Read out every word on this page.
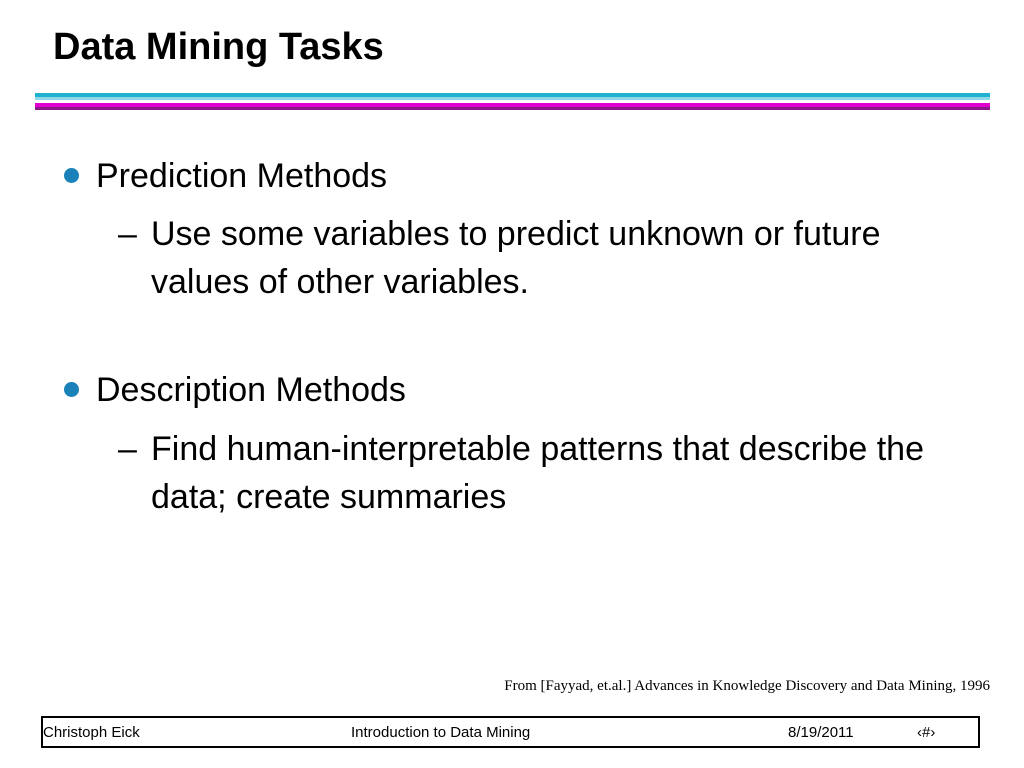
Data Mining Tasks
Prediction Methods
– Use some variables to predict unknown or future values of other variables.
Description Methods
– Find human-interpretable patterns that describe the data; create summaries
From [Fayyad, et.al.] Advances in Knowledge Discovery and Data Mining, 1996
Christoph Eick	Introduction to Data Mining	8/19/2011	‹#›
